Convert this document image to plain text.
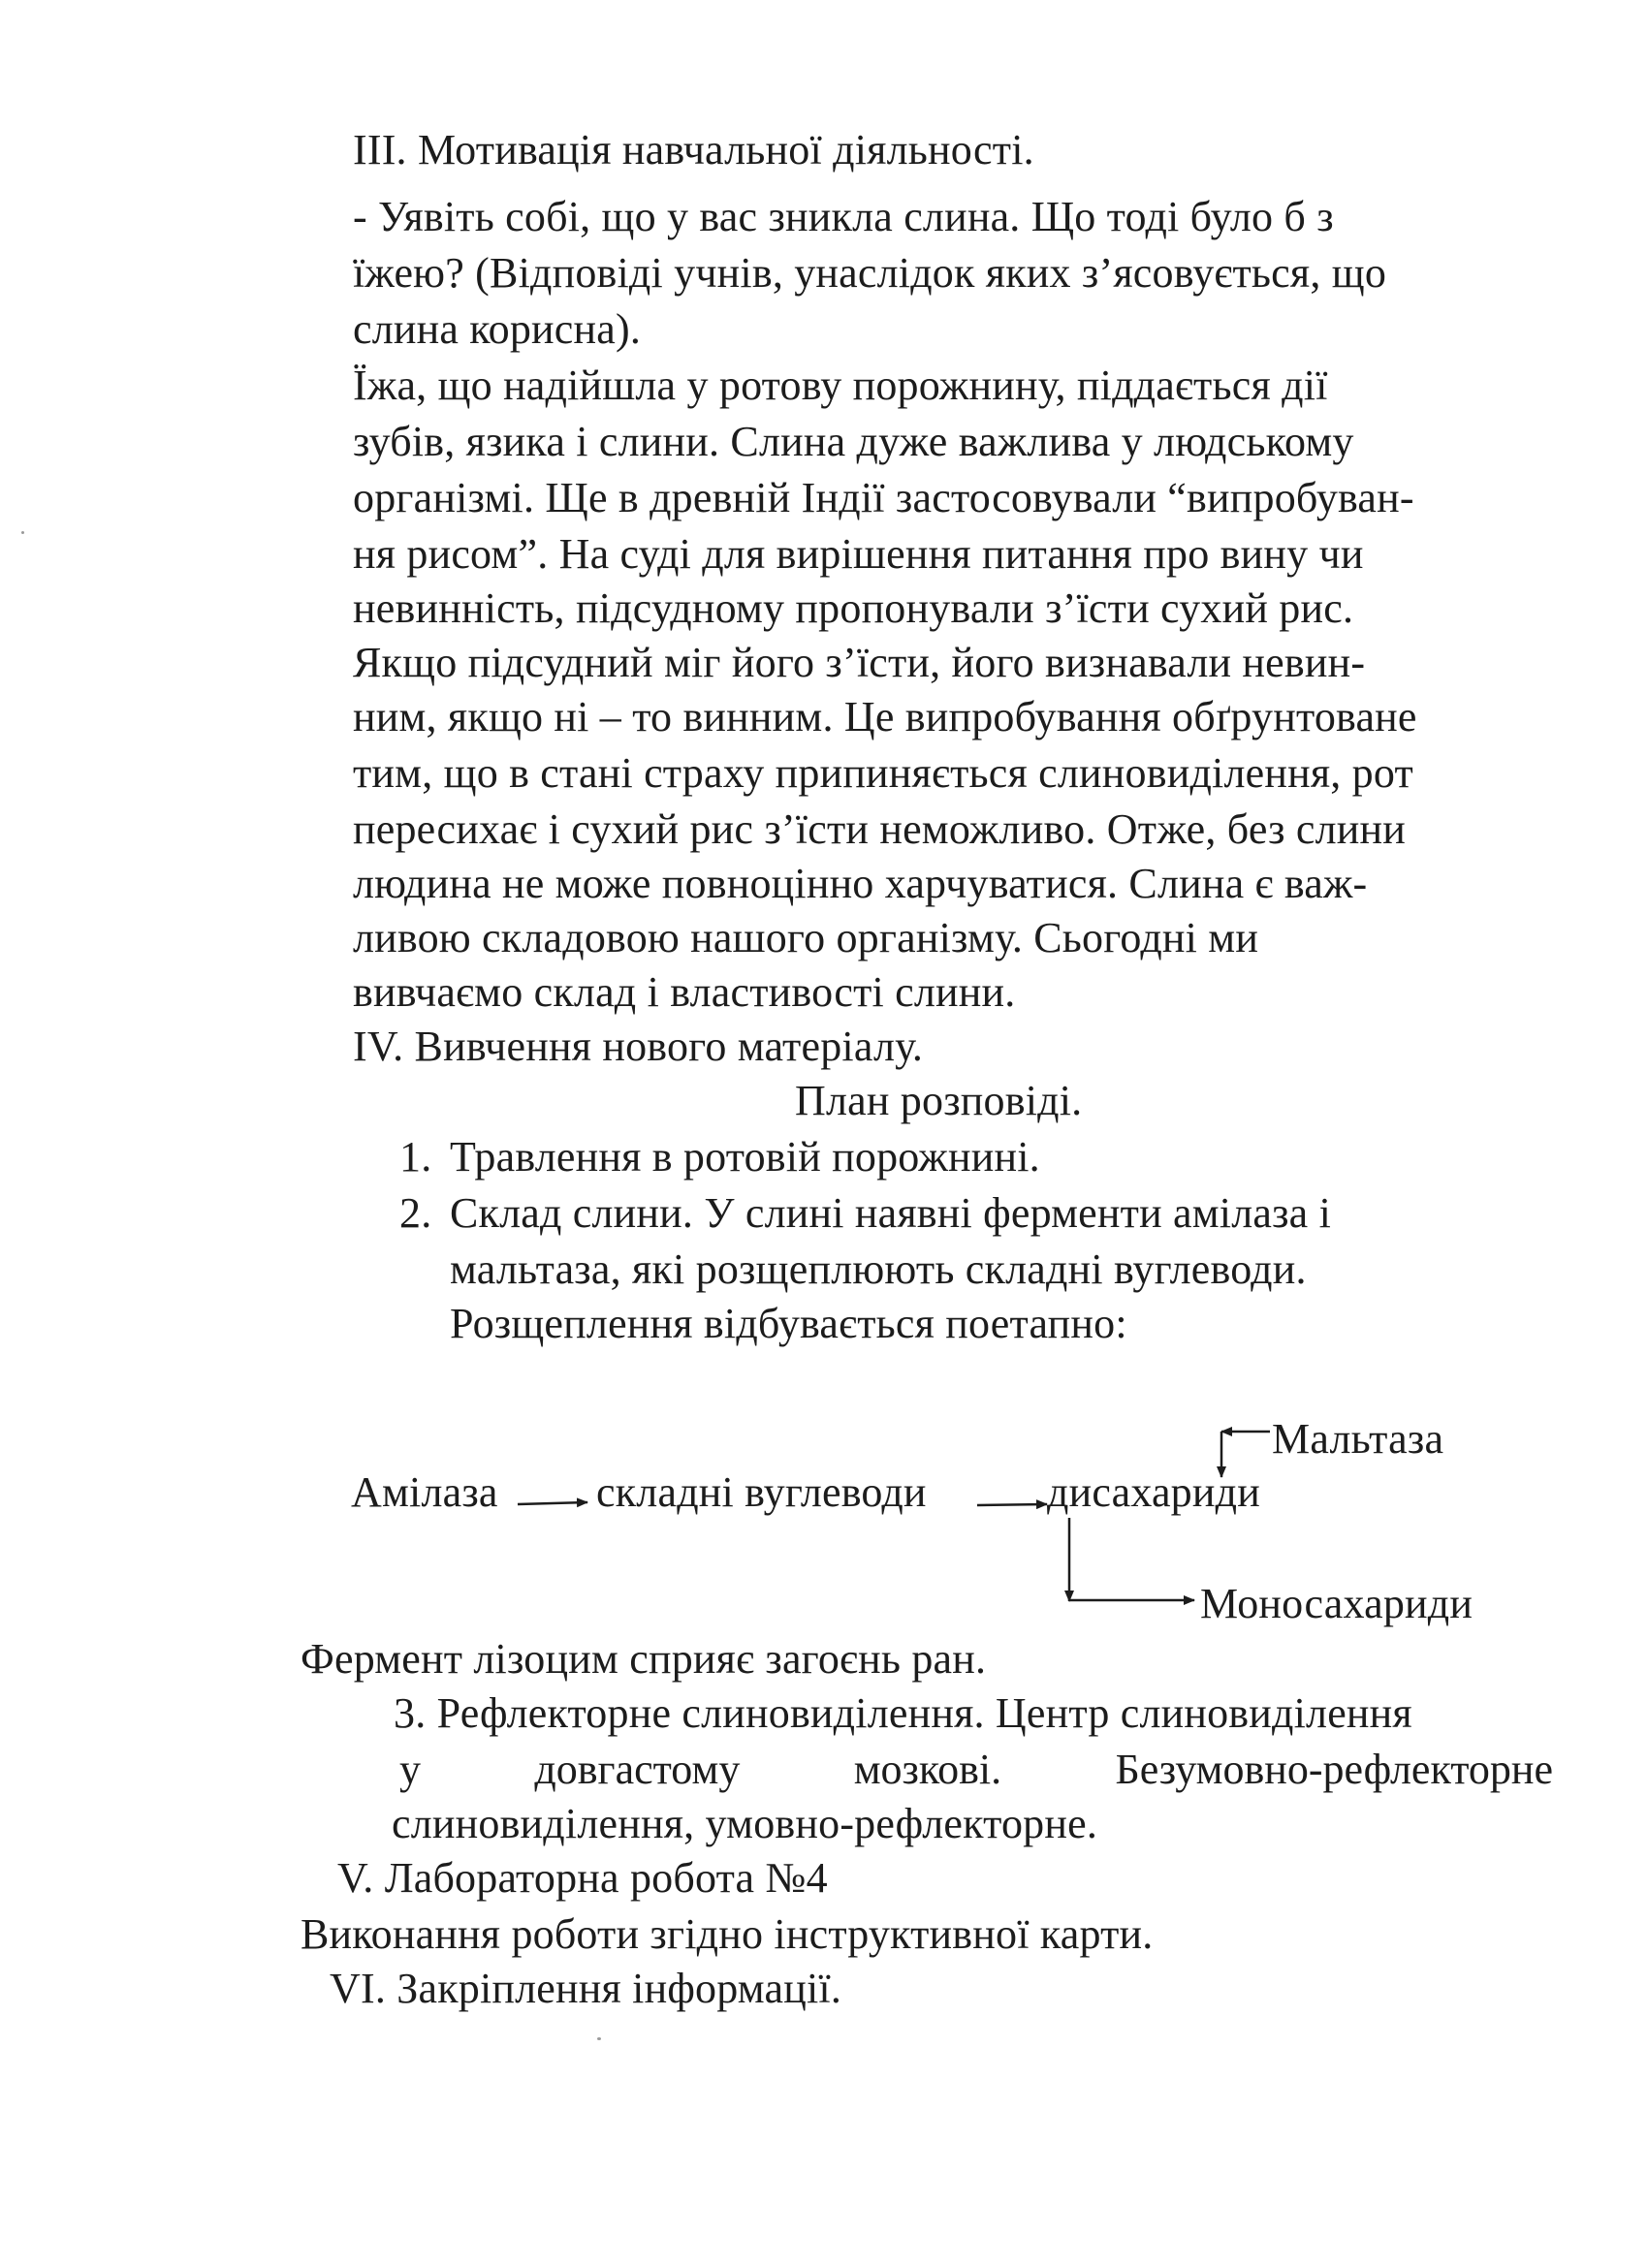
III. Мотивація навчальної діяльності.
- Уявіть собі, що у вас зникла слина. Що тоді було б з
їжею? (Відповіді учнів, унаслідок яких з’ясовується, що
слина корисна).
Їжа, що надійшла у ротову порожнину, піддається дії
зубів, язика і слини. Слина дуже важлива у людському
організмі. Ще в древній Індії застосовували “випробуван-
ня рисом”. На суді для вирішення питання про вину чи
невинність, підсудному пропонували з’їсти сухий рис.
Якщо підсудний міг його з’їсти, його визнавали невин-
ним, якщо ні – то винним. Це випробування обґрунтоване
тим, що в стані страху припиняється слиновиділення, рот
пересихає і сухий рис з’їсти неможливо. Отже, без слини
людина не може повноцінно харчуватися. Слина є важ-
ливою складовою нашого організму. Сьогодні ми
вивчаємо склад і властивості слини.
IV. Вивчення нового матеріалу.
План розповіді.
1. Травлення в ротовій порожнині.
2. Склад слини. У слині наявні ферменти амілаза і
мальтаза, які розщеплюють складні вуглеводи.
Розщеплення відбувається поетапно:
Мальтаза
Амілаза складні вуглеводи	дисахариди
Моносахариди
Фермент лізоцим сприяє загоєнь ран.
3. Рефлекторне слиновиділення. Центр слиновиділення
у	довгастому	мозкові.	Безумовно-рефлекторне
слиновиділення, умовно-рефлекторне.
V. Лабораторна робота №4
Виконання роботи згідно інструктивної карти.
VI. Закріплення інформації.
